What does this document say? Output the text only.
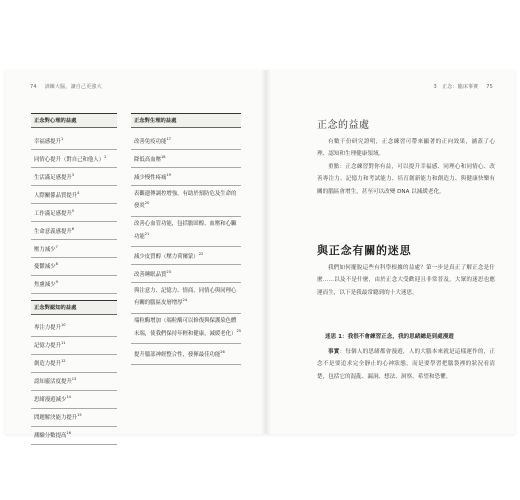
74 訓練大腦，讓自己更強大
正念對心理的益處
幸福感提升$^1$
同情心提升（對自己和他人）$^2$
生活滿足感提升$^3$
人際關係品質提升$^4$
工作滿足感提升$^5$
生命意義感提升$^6$
壓力減少$^7$
憂鬱減少$^8$
焦慮減少$^9$
正念對認知的益處
專注力提升$^{10}$
記憶力提升$^{11}$
創造力提升$^{12}$
認知靈活度提升$^{13}$
思緒漫遊減少$^{14}$
問題解決能力提升$^{15}$
測驗分數提高$^{16}$
正念對生理的益處
改善免疫功能$^{17}$
降低高血壓$^{18}$
減少慢性疼痛$^{19}$
表觀遺傳調控增強，有助於預防危及生命的發炎$^{20}$
改善心血管功能，包括膽固醇、血壓和心臟功能$^{21}$
減少皮質醇（壓力荷爾蒙）$^{22}$
改善睡眠品質$^{23}$
與注意力、記憶力、情商、同情心與同理心有關的腦區皮層增厚$^{24}$
端粒酶增加（端粒酶可以修復與保護染色體末端，使我們保持年輕和健康，減緩老化）$^{25}$
提升腦部神經整合性，發揮最佳功能$^{26}$
3　正念：臨床事實 75
正念的益處
有數千份研究證明，正念練習可帶來顯著的正向效果，涵蓋了心理、認知和生理健康領域。
重點：正念練習對你有益，可以提升幸福感、同理心和同情心、改善專注力、記憶力和考試能力、培育創新能力和創造力、與健康快樂有關的腦區會增生，甚至可以改變 DNA 以減緩老化。
與正念有關的迷思
我們如何擺脫這些有科學根據的益處？第一步是真正了解正念是什麼……以及不是什麼，由於正念大受歡迎且非常普及，大眾的迷思也應運而生，以下是我最常聽到的十大迷思。
迷思 1：我很不會練習正念，我的思緒總是到處漫遊
事實：每個人的思緒都會漫遊，人的大腦本來就是這樣運作的，正念不是要追求完全靜止的心神狀態，而是要學習把腦袋裡的狀況看清楚，包括它的混亂、漏洞、想法、洞察、希望和恐懼。
